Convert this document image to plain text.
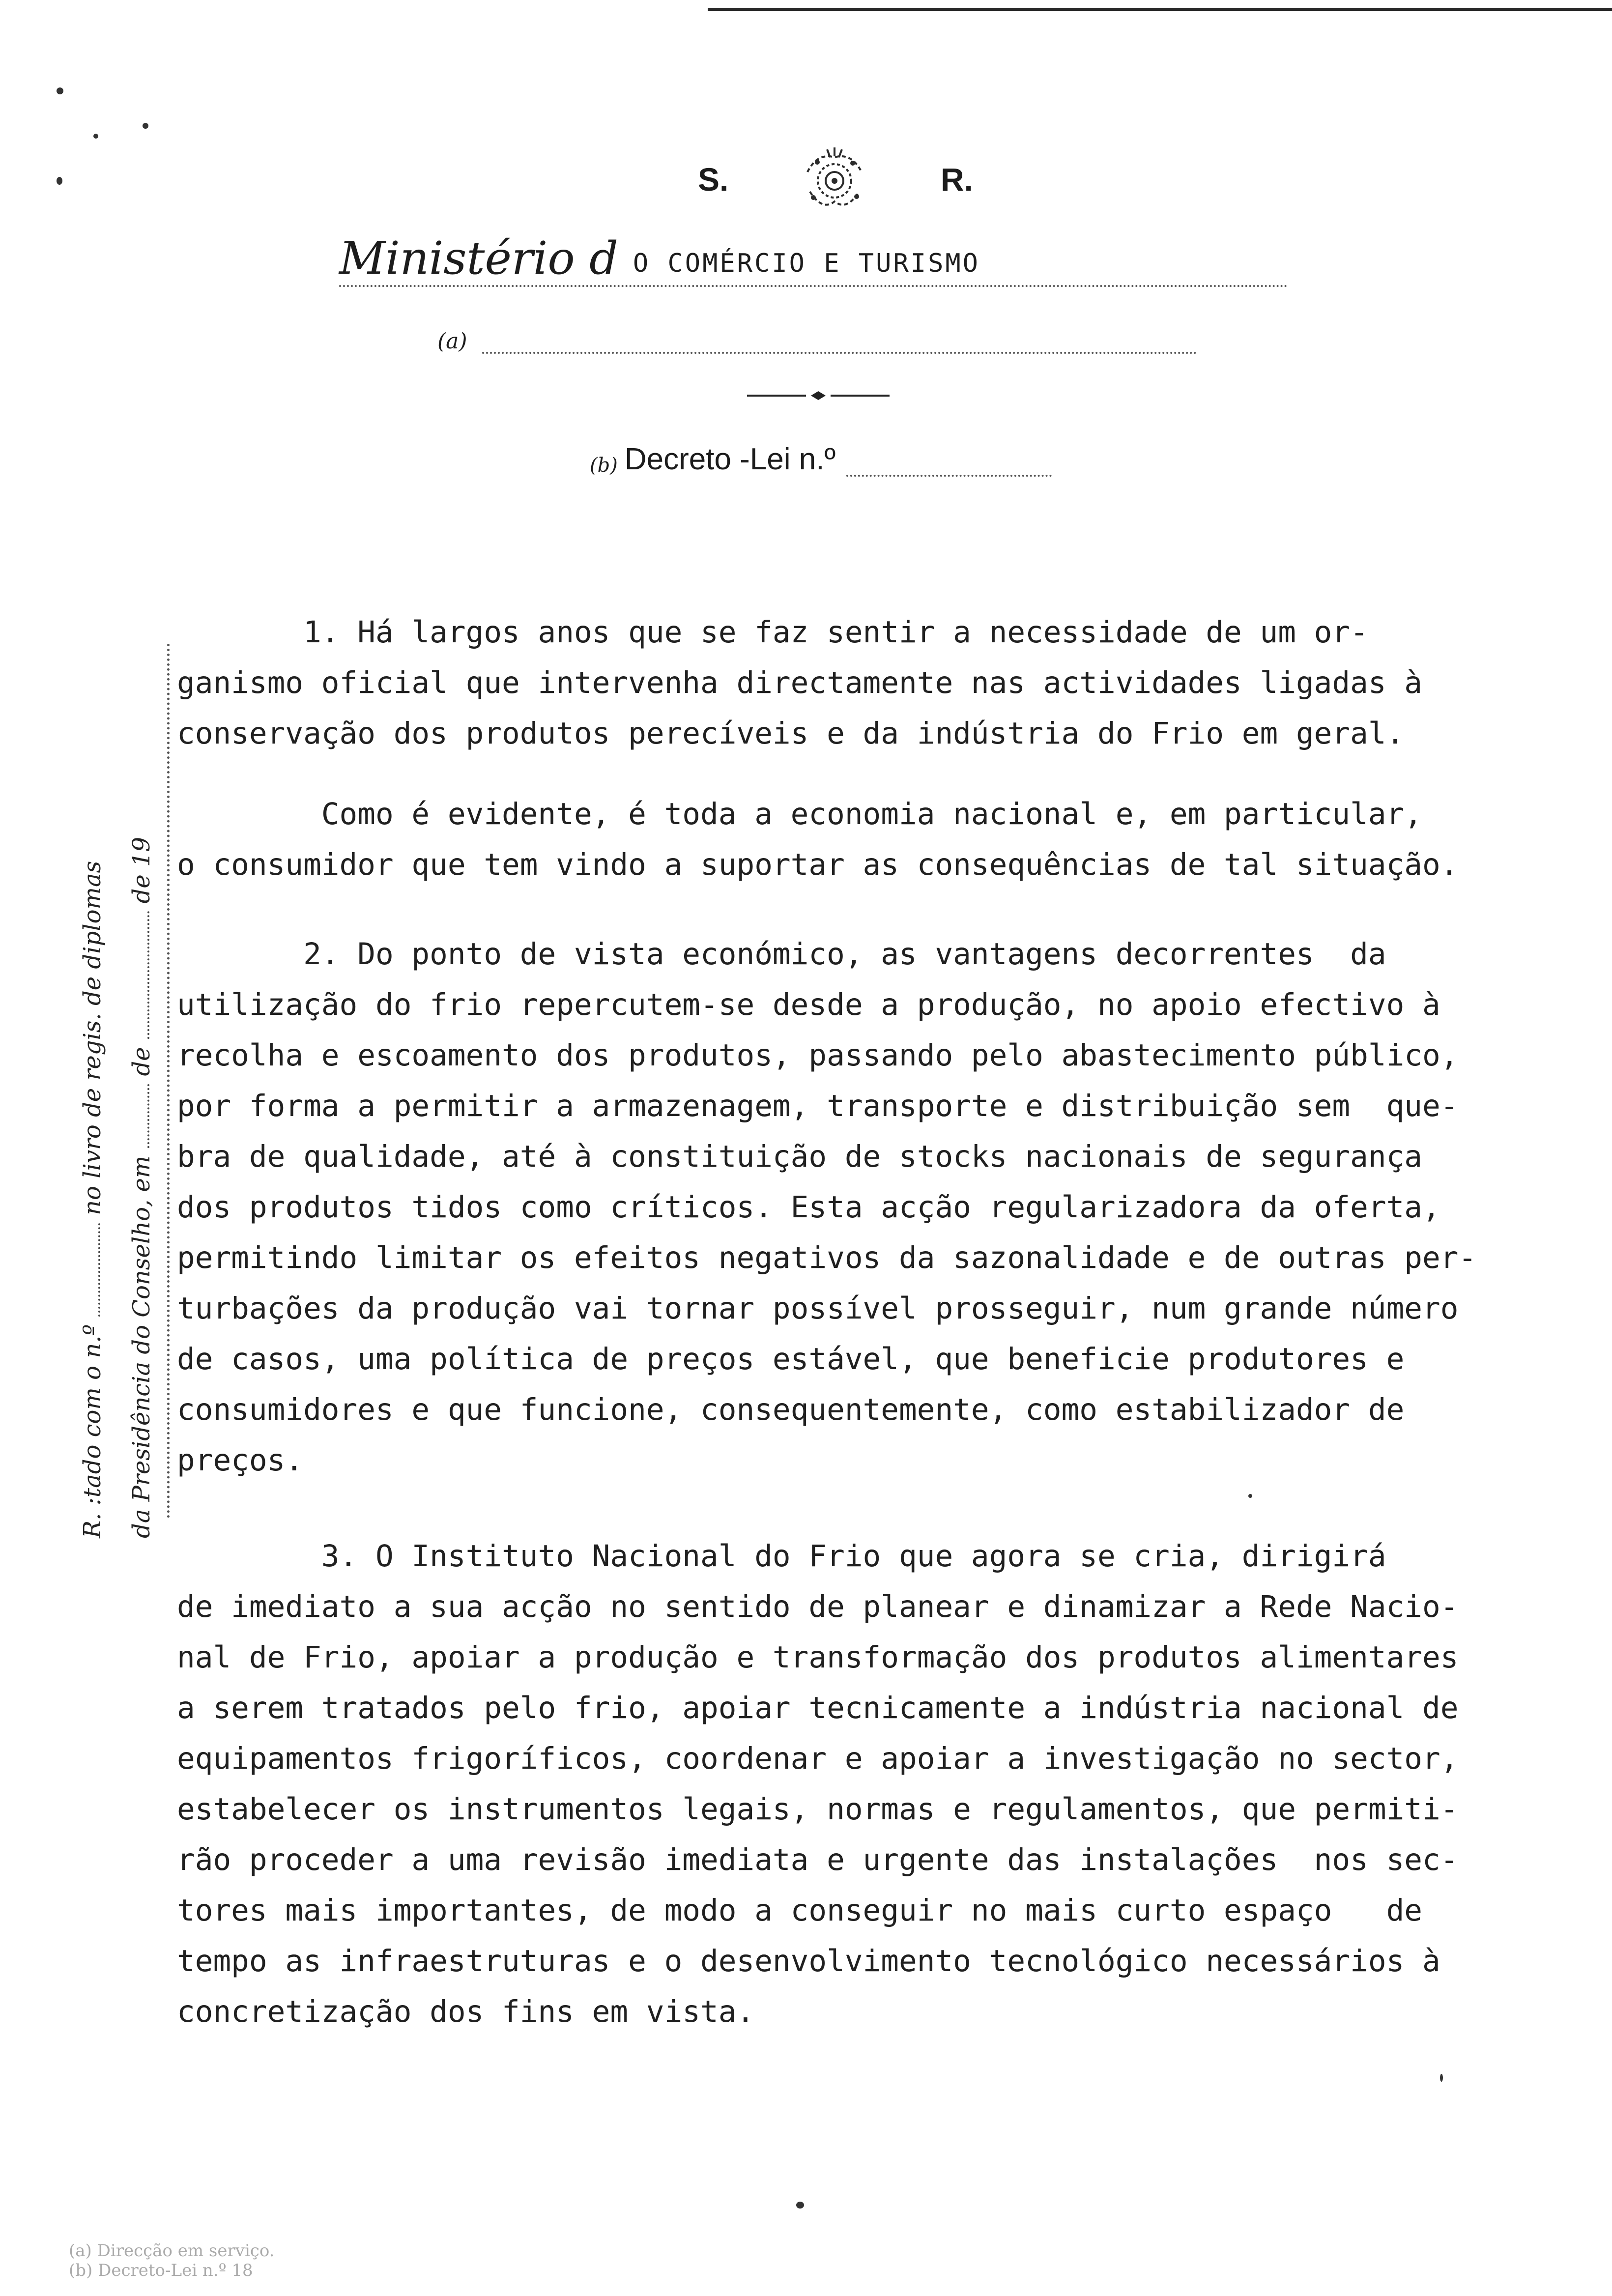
S.	R.
Ministério d O COMÉRCIO E TURISMO
(a)
(b) Decreto -Lei n.º
1. Há largos anos que se faz sentir a necessidade de um or-
ganismo oficial que intervenha directamente nas actividades ligadas à
conservação dos produtos perecíveis e da indústria do Frio em geral.
Como é evidente, é toda a economia nacional e, em particular,
o consumidor que tem vindo a suportar as consequências de tal situação.
2. Do ponto de vista económico, as vantagens decorrentes  da
utilização do frio repercutem-se desde a produção, no apoio efectivo à
recolha e escoamento dos produtos, passando pelo abastecimento público,
por forma a permitir a armazenagem, transporte e distribuição sem  que-
bra de qualidade, até à constituição de stocks nacionais de segurança
dos produtos tidos como críticos. Esta acção regularizadora da oferta,
permitindo limitar os efeitos negativos da sazonalidade e de outras per-
turbações da produção vai tornar possível prosseguir, num grande número
de casos, uma política de preços estável, que beneficie produtores e
consumidores e que funcione, consequentemente, como estabilizador de
preços.
3. O Instituto Nacional do Frio que agora se cria, dirigirá
de imediato a sua acção no sentido de planear e dinamizar a Rede Nacio-
nal de Frio, apoiar a produção e transformação dos produtos alimentares
a serem tratados pelo frio, apoiar tecnicamente a indústria nacional de
equipamentos frigoríficos, coordenar e apoiar a investigação no sector,
estabelecer os instrumentos legais, normas e regulamentos, que permiti-
rão proceder a uma revisão imediata e urgente das instalações  nos sec-
tores mais importantes, de modo a conseguir no mais curto espaço   de
tempo as infraestruturas e o desenvolvimento tecnológico necessários à
concretização dos fins em vista.
R. :tado com o n.º
no livro de regis. de diplomas
da Presidência do Conselho, em
de
de 19
(a) Direcção em serviço.
(b) Decreto-Lei n.º 18
